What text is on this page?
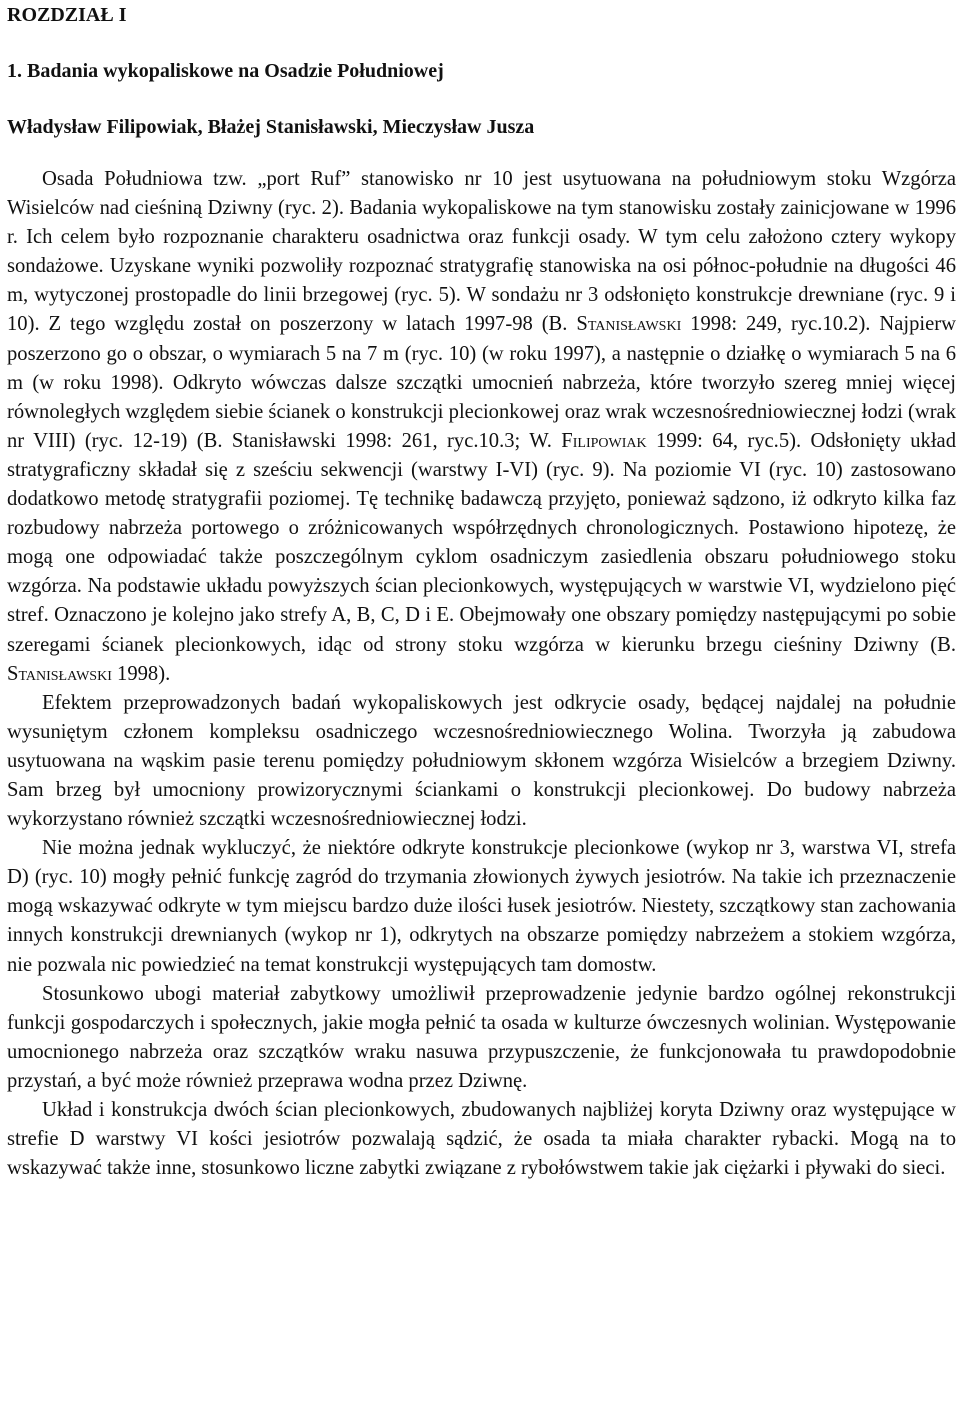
ROZDZIAŁ I
1. Badania wykopaliskowe na Osadzie Południowej

Władysław Filipowiak, Błażej Stanisławski, Mieczysław Jusza

Osada Południowa tzw. „port Ruf” stanowisko nr 10 jest usytuowana na południowym stoku Wzgórza Wisielców nad cieśniną Dziwny (ryc. 2). Badania wykopaliskowe na tym stanowisku zostały zainicjowane w 1996 r. Ich celem było rozpoznanie charakteru osadnictwa oraz funkcji osady. W tym celu założono cztery wykopy sondażowe. Uzyskane wyniki pozwoliły rozpoznać stratygrafię stanowiska na osi północ-południe na długości 46 m, wytyczonej prostopadle do linii brzegowej (ryc. 5). W sondażu nr 3 odsłonięto konstrukcje drewniane (ryc. 9 i 10). Z tego względu został on poszerzony w latach 1997-98 (B. Stanisławski 1998: 249, ryc.10.2). Najpierw poszerzono go o obszar, o wymiarach 5 na 7 m (ryc. 10) (w roku 1997), a następnie o działkę o wymiarach 5 na 6 m (w roku 1998). Odkryto wówczas dalsze szczątki umocnień nabrzeża, które tworzyło szereg mniej więcej równoległych względem siebie ścianek o konstrukcji plecionkowej oraz wrak wczesnośredniowiecznej łodzi (wrak nr VIII) (ryc. 12-19) (B. Stanisławski 1998: 261, ryc.10.3; W. Filipowiak 1999: 64, ryc.5). Odsłonięty układ stratygraficzny składał się z sześciu sekwencji (warstwy I-VI) (ryc. 9). Na poziomie VI (ryc. 10) zastosowano dodatkowo metodę stratygrafii poziomej. Tę technikę badawczą przyjęto, ponieważ sądzono, iż odkryto kilka faz rozbudowy nabrzeża portowego o zróżnicowanych współrzędnych chronologicznych. Postawiono hipotezę, że mogą one odpowiadać także poszczególnym cyklom osadniczym zasiedlenia obszaru południowego stoku wzgórza. Na podstawie układu powyższych ścian plecionkowych, występujących w warstwie VI, wydzielono pięć stref. Oznaczono je kolejno jako strefy A, B, C, D i E. Obejmowały one obszary pomiędzy następującymi po sobie szeregami ścianek plecionkowych, idąc od strony stoku wzgórza w kierunku brzegu cieśniny Dziwny (B. Stanisławski 1998).

Efektem przeprowadzonych badań wykopaliskowych jest odkrycie osady, będącej najdalej na południe wysuniętym członem kompleksu osadniczego wczesnośredniowiecznego Wolina. Tworzyła ją zabudowa usytuowana na wąskim pasie terenu pomiędzy południowym skłonem wzgórza Wisielców a brzegiem Dziwny. Sam brzeg był umocniony prowizorycznymi ściankami o konstrukcji plecionkowej. Do budowy nabrzeża wykorzystano również szczątki wczesnośredniowiecznej łodzi.

Nie można jednak wykluczyć, że niektóre odkryte konstrukcje plecionkowe (wykop nr 3, warstwa VI, strefa D) (ryc. 10) mogły pełnić funkcję zagród do trzymania złowionych żywych jesiotrów. Na takie ich przeznaczenie mogą wskazywać odkryte w tym miejscu bardzo duże ilości łusek jesiotrów. Niestety, szczątkowy stan zachowania innych konstrukcji drewnianych (wykop nr 1), odkrytych na obszarze pomiędzy nabrzeżem a stokiem wzgórza, nie pozwala nic powiedzieć na temat konstrukcji występujących tam domostw.

Stosunkowo ubogi materiał zabytkowy umożliwił przeprowadzenie jedynie bardzo ogólnej rekonstrukcji funkcji gospodarczych i społecznych, jakie mogła pełnić ta osada w kulturze ówczesnych wolinian. Występowanie umocnionego nabrzeża oraz szczątków wraku nasuwa przypuszczenie, że funkcjonowała tu prawdopodobnie przystań, a być może również przeprawa wodna przez Dziwnę.

Układ i konstrukcja dwóch ścian plecionkowych, zbudowanych najbliżej koryta Dziwny oraz występujące w strefie D warstwy VI kości jesiotrów pozwalają sądzić, że osada ta miała charakter rybacki. Mogą na to wskazywać także inne, stosunkowo liczne zabytki związane z rybołówstwem takie jak ciężarki i pływaki do sieci.
